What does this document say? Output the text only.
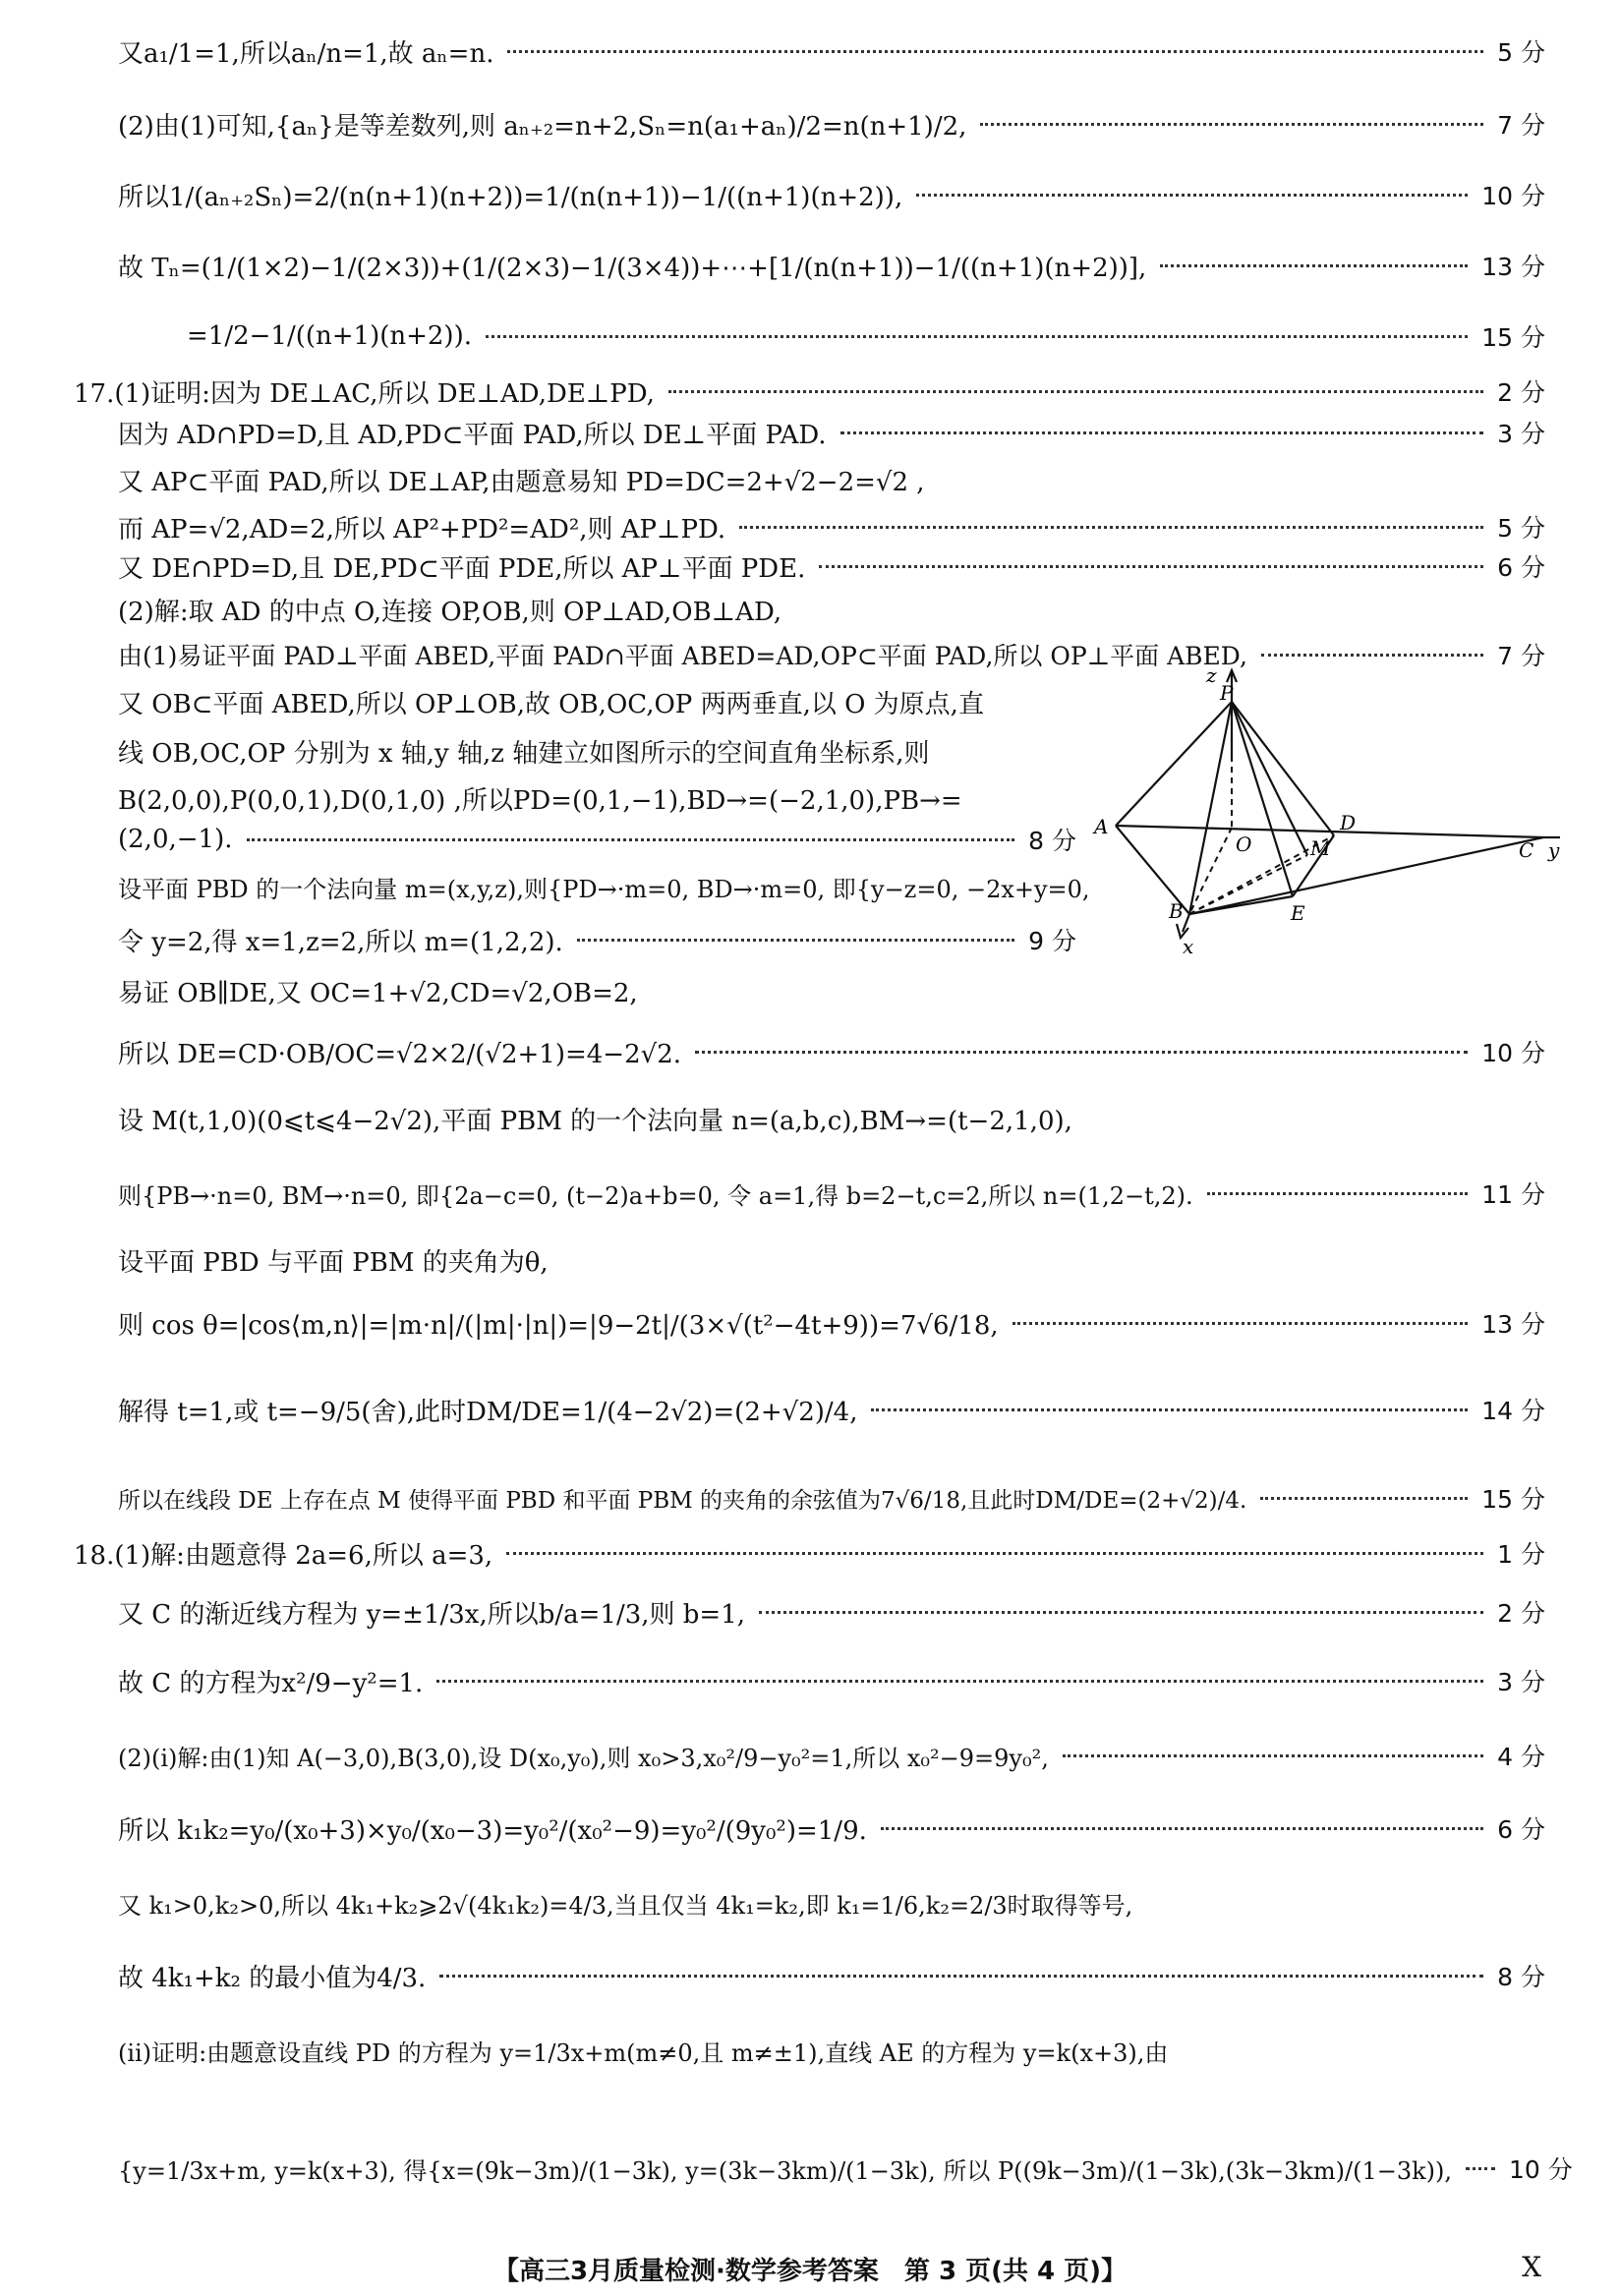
又a₁/1=1,所以aₙ/n=1,故 aₙ=n.	5 分
(2)由(1)可知,{aₙ}是等差数列,则 aₙ₊₂=n+2,Sₙ=n(a₁+aₙ)/2=n(n+1)/2,	7 分
所以1/(aₙ₊₂Sₙ)=2/(n(n+1)(n+2))=1/(n(n+1))−1/((n+1)(n+2)),	10 分
故 Tₙ=(1/(1×2)−1/(2×3))+(1/(2×3)−1/(3×4))+⋯+[1/(n(n+1))−1/((n+1)(n+2))],	13 分
=1/2−1/((n+1)(n+2)).	15 分
17.(1)证明:因为 DE⊥AC,所以 DE⊥AD,DE⊥PD,	2 分
因为 AD∩PD=D,且 AD,PD⊂平面 PAD,所以 DE⊥平面 PAD.	3 分
又 AP⊂平面 PAD,所以 DE⊥AP,由题意易知 PD=DC=2+√2−2=√2 ,
而 AP=√2,AD=2,所以 AP²+PD²=AD²,则 AP⊥PD.	5 分
又 DE∩PD=D,且 DE,PD⊂平面 PDE,所以 AP⊥平面 PDE.	6 分
(2)解:取 AD 的中点 O,连接 OP,OB,则 OP⊥AD,OB⊥AD,
由(1)易证平面 PAD⊥平面 ABED,平面 PAD∩平面 ABED=AD,OP⊂平面 PAD,所以 OP⊥平面 ABED,	7 分
又 OB⊂平面 ABED,所以 OP⊥OB,故 OB,OC,OP 两两垂直,以 O 为原点,直
线 OB,OC,OP 分别为 x 轴,y 轴,z 轴建立如图所示的空间直角坐标系,则
B(2,0,0),P(0,0,1),D(0,1,0) ,所以PD=(0,1,−1),BD→=(−2,1,0),PB→=
(2,0,−1).	8 分
设平面 PBD 的一个法向量 m=(x,y,z),则{PD→·m=0, BD→·m=0, 即{y−z=0, −2x+y=0,
令 y=2,得 x=1,z=2,所以 m=(1,2,2).	9 分
易证 OB∥DE,又 OC=1+√2,CD=√2,OB=2,
所以 DE=CD·OB/OC=√2×2/(√2+1)=4−2√2.	10 分
设 M(t,1,0)(0⩽t⩽4−2√2),平面 PBM 的一个法向量 n=(a,b,c),BM→=(t−2,1,0),
则{PB→·n=0, BM→·n=0, 即{2a−c=0, (t−2)a+b=0, 令 a=1,得 b=2−t,c=2,所以 n=(1,2−t,2).	11 分
设平面 PBD 与平面 PBM 的夹角为θ,
则 cos θ=|cos⟨m,n⟩|=|m·n|/(|m|·|n|)=|9−2t|/(3×√(t²−4t+9))=7√6/18,	13 分
解得 t=1,或 t=−9/5(舍),此时DM/DE=1/(4−2√2)=(2+√2)/4,	14 分
所以在线段 DE 上存在点 M 使得平面 PBD 和平面 PBM 的夹角的余弦值为7√6/18,且此时DM/DE=(2+√2)/4.	15 分
18.(1)解:由题意得 2a=6,所以 a=3,	1 分
又 C 的渐近线方程为 y=±1/3x,所以b/a=1/3,则 b=1,	2 分
故 C 的方程为x²/9−y²=1.	3 分
(2)(ⅰ)解:由(1)知 A(−3,0),B(3,0),设 D(x₀,y₀),则 x₀>3,x₀²/9−y₀²=1,所以 x₀²−9=9y₀²,	4 分
所以 k₁k₂=y₀/(x₀+3)×y₀/(x₀−3)=y₀²/(x₀²−9)=y₀²/(9y₀²)=1/9.	6 分
又 k₁>0,k₂>0,所以 4k₁+k₂⩾2√(4k₁k₂)=4/3,当且仅当 4k₁=k₂,即 k₁=1/6,k₂=2/3时取得等号,
故 4k₁+k₂ 的最小值为4/3.	8 分
(ⅱ)证明:由题意设直线 PD 的方程为 y=1/3x+m(m≠0,且 m≠±1),直线 AE 的方程为 y=k(x+3),由
{y=1/3x+m, y=k(x+3), 得{x=(9k−3m)/(1−3k), y=(3k−3km)/(1−3k), 所以 P((9k−3m)/(1−3k),(3k−3km)/(1−3k)), 10 分
z
P
A
O
D
M	C y
E
B
x
【高三3月质量检测·数学参考答案　第 3 页(共 4 页)】	X
